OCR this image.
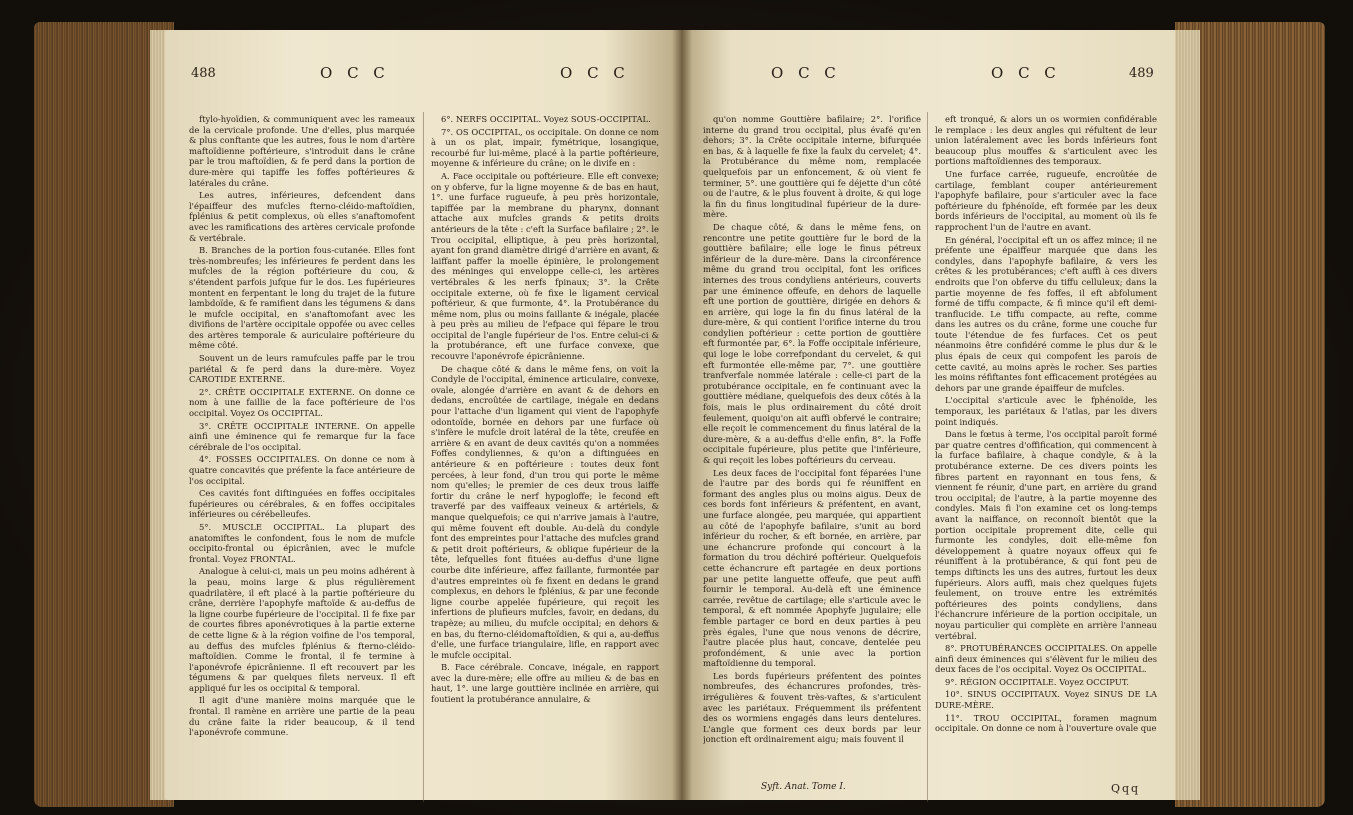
488	O C C	O C C

ftylo-hyoïdien, & communiquent avec les rameaux de la cervicale profonde. Une d'elles, plus marquée & plus conftante que les autres, fous le nom d'artère maftoïdienne poftérieure, s'introduit dans le crâne par le trou maftoïdien, & fe perd dans la portion de dure-mère qui tapiffe les foffes poftérieures & latérales du crâne.

Les autres, inférieures, defcendent dans l'épaiffeur des mufcles fterno-cléido-maftoïdien, fplénius & petit complexus, où elles s'anaftomofent avec les ramifications des artères cervicale profonde & vertébrale.

B. Branches de la portion fous-cutanée. Elles font très-nombreufes; les inférieures fe perdent dans les mufcles de la région poftérieure du cou, & s'étendent parfois jufque fur le dos. Les fupérieures montent en ferpentant le long du trajet de la future lambdoïde, & fe ramifient dans les tégumens & dans le mufcle occipital, en s'anaftomofant avec les divifions de l'artère occipitale oppofée ou avec celles des artères temporale & auriculaire poftérieure du même côté.

Souvent un de leurs ramufcules paffe par le trou pariétal & fe perd dans la dure-mère. Voyez CAROTIDE EXTERNE.

2°. CRÊTE OCCIPITALE EXTERNE. On donne ce nom à une faillie de la face poftérieure de l'os occipital. Voyez Os OCCIPITAL.

3°. CRÊTE OCCIPITALE INTERNE. On appelle ainfi une éminence qui fe remarque fur la face cérébrale de l'os occipital.

4°. FOSSES OCCIPITALES. On donne ce nom à quatre concavités que préfente la face antérieure de l'os occipital.

Ces cavités font diftinguées en foffes occipitales fupérieures ou cérébrales, & en foffes occipitales inférieures ou cérébelleufes.

5°. MUSCLE OCCIPITAL. La plupart des anatomiftes le confondent, fous le nom de mufcle occipito-frontal ou épicrânien, avec le mufcle frontal. Voyez FRONTAL.

Analogue à celui-ci, mais un peu moins adhérent à la peau, moins large & plus régulièrement quadrilatère, il eft placé à la partie poftérieure du crâne, derrière l'apophyfe maftoïde & au-deffus de la ligne courbe fupérieure de l'occipital. Il fe fixe par de courtes fibres aponévrotiques à la partie externe de cette ligne & à la région voifine de l'os temporal, au deffus des mufcles fplénius & fterno-cléido-maftoïdien. Comme le frontal, il fe termine à l'aponévrofe épicrânienne. Il eft recouvert par les tégumens & par quelques filets nerveux. Il eft appliqué fur les os occipital & temporal.

Il agit d'une manière moins marquée que le frontal. Il ramène en arrière une partie de la peau du crâne faite la rider beaucoup, & il tend l'aponévrofe commune.

6°. NERFS OCCIPITAL. Voyez SOUS-OCCIPITAL.

7°. OS OCCIPITAL, os occipitale. On donne ce nom à un os plat, impair, fymétrique, losangique, recourbé fur lui-même, placé à la partie poftérieure, moyenne & inférieure du crâne; on le divife en :

A. Face occipitale ou poftérieure. Elle eft convexe; on y obferve, fur la ligne moyenne & de bas en haut, 1°. une furface rugueufe, à peu près horizontale, tapiffée par la membrane du pharynx, donnant attache aux mufcles grands & petits droits antérieurs de la tête : c'eft la Surface bafilaire ; 2°. le Trou occipital, elliptique, à peu près horizontal, ayant fon grand diamètre dirigé d'arrière en avant, & laiffant paffer la moelle épinière, le prolongement des méninges qui enveloppe celle-ci, les artères vertébrales & les nerfs fpinaux; 3°. la Crête occipitale externe, où fe fixe le ligament cervical poftérieur, & que furmonte, 4°. la Protubérance du même nom, plus ou moins faillante & inégale, placée à peu près au milieu de l'efpace qui fépare le trou occipital de l'angle fupérieur de l'os. Entre celui-ci & la protubérance, eft une furface convexe, que recouvre l'aponévrofe épicrânienne.

De chaque côté & dans le même fens, on voit la Condyle de l'occipital, éminence articulaire, convexe, ovale, alongée d'arrière en avant & de dehors en dedans, encroûtée de cartilage, inégale en dedans pour l'attache d'un ligament qui vient de l'apophyfe odontoïde, bornée en dehors par une furface où s'infère le mufcle droit latéral de la tête, creufée en arrière & en avant de deux cavités qu'on a nommées Foffes condyliennes, & qu'on a diftinguées en antérieure & en poftérieure : toutes deux font percées, à leur fond, d'un trou qui porte le même nom qu'elles; le premier de ces deux trous laiffe fortir du crâne le nerf hypogloffe; le fecond eft traverfé par des vaiffeaux veineux & artériels, & manque quelquefois; ce qui n'arrive jamais à l'autre, qui même fouvent eft double. Au-delà du condyle font des empreintes pour l'attache des mufcles grand & petit droit poftérieurs, & oblique fupérieur de la tête, lefquelles font fituées au-deffus d'une ligne courbe dite inférieure, affez faillante, furmontée par d'autres empreintes où fe fixent en dedans le grand complexus, en dehors le fplénius, & par une feconde ligne courbe appelée fupérieure, qui reçoit les infertions de plufieurs mufcles, favoir, en dedans, du trapèze; au milieu, du mufcle occipital; en dehors & en bas, du fterno-cléidomaftoïdien, & qui a, au-deffus d'elle, une furface triangulaire, lifle, en rapport avec le mufcle occipital.

B. Face cérébrale. Concave, inégale, en rapport avec la dure-mère; elle offre au milieu & de bas en haut, 1°. une large gouttière inclinée en arrière, qui foutient la protubérance annulaire, &

O C C	O C C	489

qu'on nomme Gouttière bafilaire; 2°. l'orifice interne du grand trou occipital, plus évafé qu'en dehors; 3°. la Crête occipitale interne, bifurquée en bas, & à laquelle fe fixe la faulx du cervelet; 4°. la Protubérance du même nom, remplacée quelquefois par un enfoncement, & où vient fe terminer, 5°. une gouttière qui fe déjette d'un côté ou de l'autre, & le plus fouvent à droite, & qui loge la fin du finus longitudinal fupérieur de la dure-mère.

De chaque côté, & dans le même fens, on rencontre une petite gouttière fur le bord de la gouttière bafilaire; elle loge le finus pétreux inférieur de la dure-mère. Dans la circonférence même du grand trou occipital, font les orifices internes des trous condyliens antérieurs, couverts par une éminence offeufe, en dehors de laquelle eft une portion de gouttière, dirigée en dehors & en arrière, qui loge la fin du finus latéral de la dure-mère, & qui contient l'orifice interne du trou condylien poftérieur : cette portion de gouttière eft furmontée par, 6°. la Foffe occipitale inférieure, qui loge le lobe correfpondant du cervelet, & qui eft furmontée elle-même par, 7°. une gouttière tranfverfale nommée latérale : celle-ci part de la protubérance occipitale, en fe continuant avec la gouttière médiane, quelquefois des deux côtés à la fois, mais le plus ordinairement du côté droit feulement, quoiqu'on ait auffi obfervé le contraire; elle reçoit le commencement du finus latéral de la dure-mère, & a au-deffus d'elle enfin, 8°. la Foffe occipitale fupérieure, plus petite que l'inférieure, & qui reçoit les lobes poftérieurs du cerveau.

Les deux faces de l'occipital font féparées l'une de l'autre par des bords qui fe réuniffent en formant des angles plus ou moins aigus. Deux de ces bords font inférieurs & préfentent, en avant, une furface alongée, peu marquée, qui appartient au côté de l'apophyfe bafilaire, s'unit au bord inférieur du rocher, & eft bornée, en arrière, par une échancrure profonde qui concourt à la formation du trou déchiré poftérieur. Quelquefois cette échancrure eft partagée en deux portions par une petite languette offeufe, que peut auffi fournir le temporal. Au-delà eft une éminence carrée, revêtue de cartilage; elle s'articule avec le temporal, & eft nommée Apophyfe jugulaire; elle femble partager ce bord en deux parties à peu près égales, l'une que nous venons de décrire, l'autre placée plus haut, concave, dentelée peu profondément, & unie avec la portion maftoïdienne du temporal.

Les bords fupérieurs préfentent des pointes nombreufes, des échancrures profondes, très-irrégulières & fouvent très-vaftes, & s'articulent avec les pariétaux. Fréquemment ils préfentent des os wormiens engagés dans leurs dentelures. L'angle que forment ces deux bords par leur jonction eft ordinairement aigu; mais fouvent il

Syft. Anat. Tome I.

eft tronqué, & alors un os wormien confidérable le remplace : les deux angles qui réfultent de leur union latéralement avec les bords inférieurs font beaucoup plus mouffes & s'articulent avec les portions maftoïdiennes des temporaux.

Une furface carrée, rugueufe, encroûtée de cartilage, femblant couper antérieurement l'apophyfe bafilaire, pour s'articuler avec la face poftérieure du fphénoïde, eft formée par les deux bords inférieurs de l'occipital, au moment où ils fe rapprochent l'un de l'autre en avant.

En général, l'occipital eft un os affez mince; il ne préfente une épaiffeur marquée que dans les condyles, dans l'apophyfe bafilaire, & vers les crêtes & les protubérances; c'eft auffi à ces divers endroits que l'on obferve du tiffu celluleux; dans la partie moyenne de fes foffes, il eft abfolument formé de tiffu compacte, & fi mince qu'il eft demi-tranflucide. Le tiffu compacte, au refte, comme dans les autres os du crâne, forme une couche fur toute l'étendue de fes furfaces. Cet os peut néanmoins être confidéré comme le plus dur & le plus épais de ceux qui compofent les parois de cette cavité, au moins après le rocher. Ses parties les moins réfiftantes font efficacement protégées au dehors par une grande épaiffeur de mufcles.

L'occipital s'articule avec le fphénoïde, les temporaux, les pariétaux & l'atlas, par les divers point indiqués.

Dans le fœtus à terme, l'os occipital paroît formé par quatre centres d'offification, qui commencent à la furface bafilaire, à chaque condyle, & à la protubérance externe. De ces divers points les fibres partent en rayonnant en tous fens, & viennent fe réunir, d'une part, en arrière du grand trou occipital; de l'autre, à la partie moyenne des condyles. Mais fi l'on examine cet os long-temps avant la naiffance, on reconnoît bientôt que la portion occipitale proprement dite, celle qui furmonte les condyles, doit elle-même fon développement à quatre noyaux offeux qui fe réuniffent à la protubérance, & qui font peu de temps diftincts les uns des autres, furtout les deux fupérieurs. Alors auffi, mais chez quelques fujets feulement, on trouve entre les extrémités poftérieures des points condyliens, dans l'échancrure inférieure de la portion occipitale, un noyau particulier qui complète en arrière l'anneau vertébral.

8°. PROTUBÉRANCES OCCIPITALES. On appelle ainfi deux éminences qui s'élèvent fur le milieu des deux faces de l'os occipital. Voyez Os OCCIPITAL.

9°. RÉGION OCCIPITALE. Voyez OCCIPUT.

10°. SINUS OCCIPITAUX. Voyez SINUS DE LA DURE-MÈRE.

11°. TROU OCCIPITAL, foramen magnum occipitale. On donne ce nom à l'ouverture ovale que

Qqq
